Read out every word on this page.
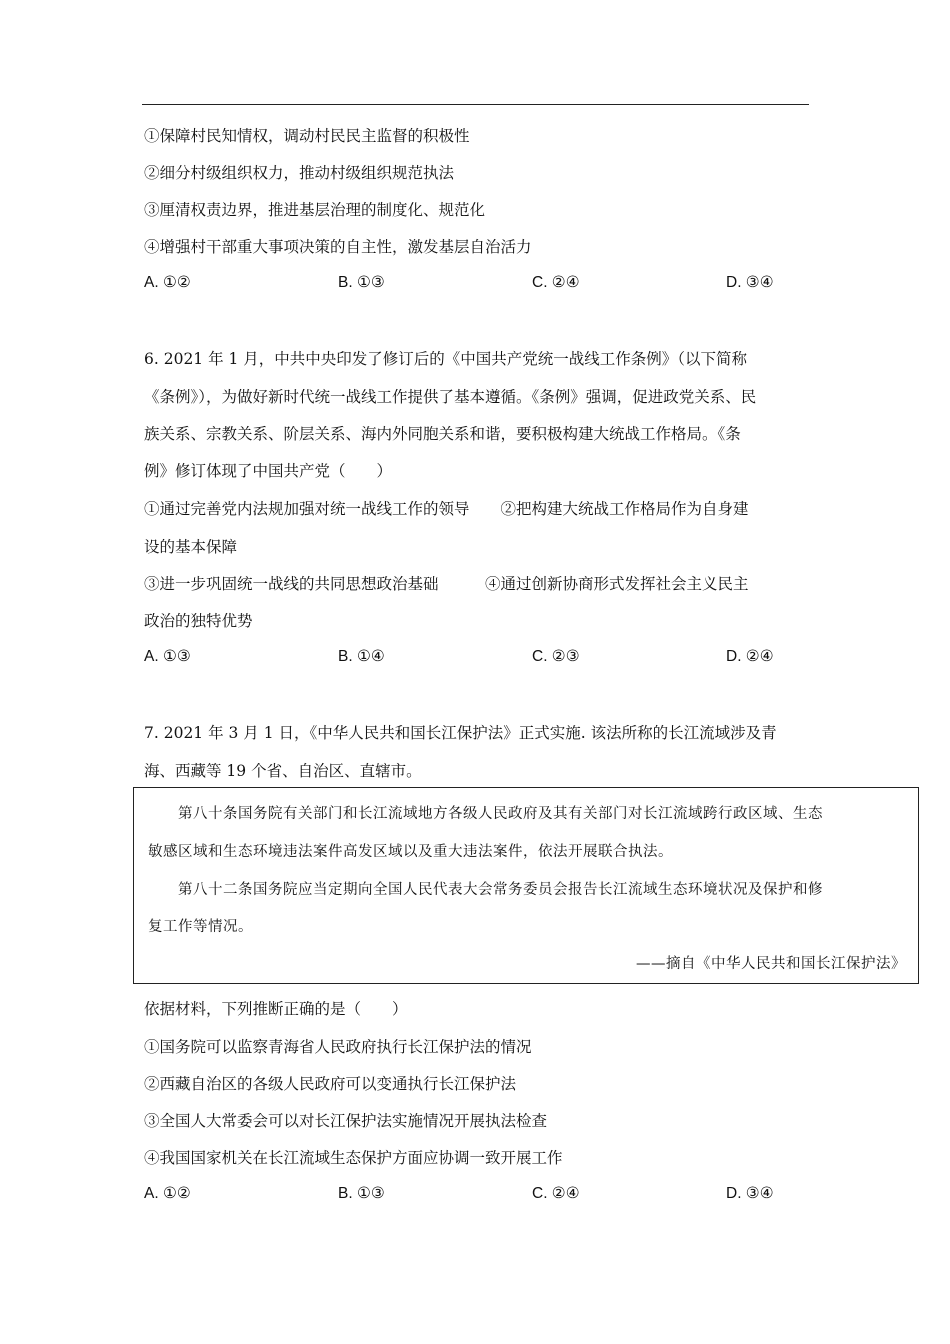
①保障村民知情权，调动村民民主监督的积极性
②细分村级组织权力，推动村级组织规范执法
③厘清权责边界，推进基层治理的制度化、规范化
④增强村干部重大事项决策的自主性，激发基层自治活力
A. ①②	B. ①③	C. ②④	D. ③④
6. 2021 年 1 月，中共中央印发了修订后的《中国共产党统一战线工作条例》（以下简称
《条例》），为做好新时代统一战线工作提供了基本遵循。《条例》强调，促进政党关系、民
族关系、宗教关系、阶层关系、海内外同胞关系和谐，要积极构建大统战工作格局。《条
例》修订体现了中国共产党（　　）
①通过完善党内法规加强对统一战线工作的领导　　②把构建大统战工作格局作为自身建
设的基本保障
③进一步巩固统一战线的共同思想政治基础　　　④通过创新协商形式发挥社会主义民主
政治的独特优势
A. ①③	B. ①④	C. ②③	D. ②④
7. 2021 年 3 月 1 日，《中华人民共和国长江保护法》正式实施. 该法所称的长江流域涉及青
海、西藏等 19 个省、自治区、直辖市。
第八十条国务院有关部门和长江流域地方各级人民政府及其有关部门对长江流域跨行政区域、生态
敏感区域和生态环境违法案件高发区域以及重大违法案件，依法开展联合执法。
第八十二条国务院应当定期向全国人民代表大会常务委员会报告长江流域生态环境状况及保护和修
复工作等情况。
——摘自《中华人民共和国长江保护法》
依据材料，下列推断正确的是（　　）
①国务院可以监察青海省人民政府执行长江保护法的情况
②西藏自治区的各级人民政府可以变通执行长江保护法
③全国人大常委会可以对长江保护法实施情况开展执法检查
④我国国家机关在长江流域生态保护方面应协调一致开展工作
A. ①②	B. ①③	C. ②④	D. ③④
